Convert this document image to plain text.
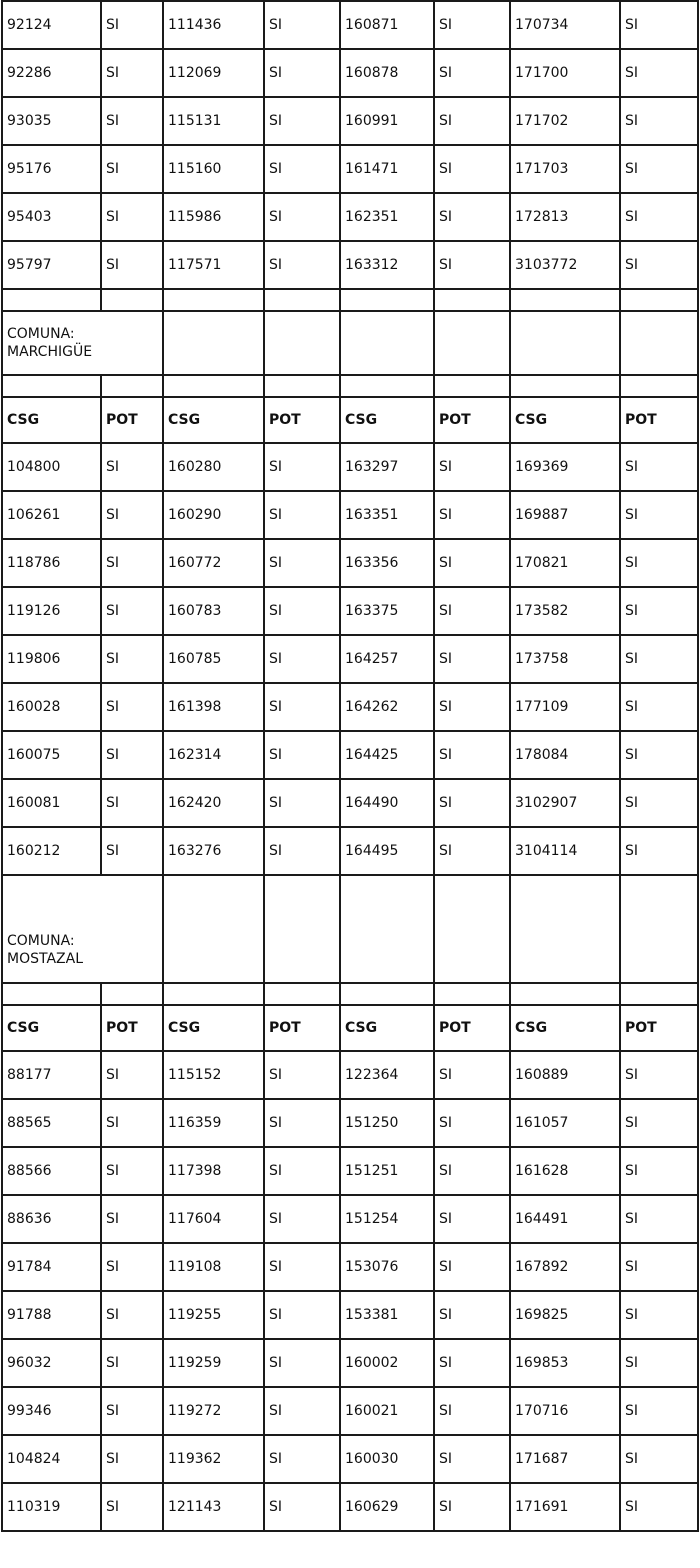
92124	SI	111436	SI	160871	SI	170734	SI
92286	SI	112069	SI	160878	SI	171700	SI
93035	SI	115131	SI	160991	SI	171702	SI
95176	SI	115160	SI	161471	SI	171703	SI
95403	SI	115986	SI	162351	SI	172813	SI
95797	SI	117571	SI	163312	SI	3103772	SI

COMUNA:
MARCHIGÜE							

CSG	POT	CSG	POT	CSG	POT	CSG	POT
104800	SI	160280	SI	163297	SI	169369	SI
106261	SI	160290	SI	163351	SI	169887	SI
118786	SI	160772	SI	163356	SI	170821	SI
119126	SI	160783	SI	163375	SI	173582	SI
119806	SI	160785	SI	164257	SI	173758	SI
160028	SI	161398	SI	164262	SI	177109	SI
160075	SI	162314	SI	164425	SI	178084	SI
160081	SI	162420	SI	164490	SI	3102907	SI
160212	SI	163276	SI	164495	SI	3104114	SI

COMUNA:
MOSTAZAL							

CSG	POT	CSG	POT	CSG	POT	CSG	POT
88177	SI	115152	SI	122364	SI	160889	SI
88565	SI	116359	SI	151250	SI	161057	SI
88566	SI	117398	SI	151251	SI	161628	SI
88636	SI	117604	SI	151254	SI	164491	SI
91784	SI	119108	SI	153076	SI	167892	SI
91788	SI	119255	SI	153381	SI	169825	SI
96032	SI	119259	SI	160002	SI	169853	SI
99346	SI	119272	SI	160021	SI	170716	SI
104824	SI	119362	SI	160030	SI	171687	SI
110319	SI	121143	SI	160629	SI	171691	SI
